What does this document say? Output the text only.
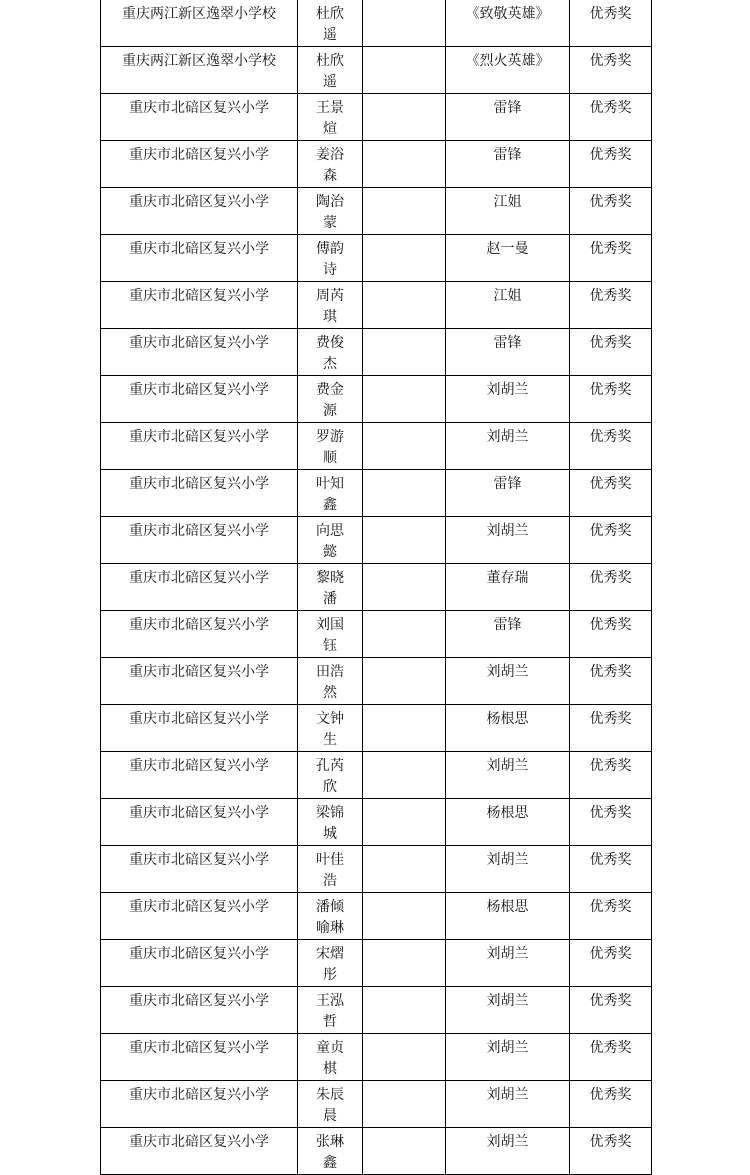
重庆两江新区逸翠小学校	杜欣遥		《致敬英雄》	优秀奖
重庆两江新区逸翠小学校	杜欣遥		《烈火英雄》	优秀奖
重庆市北碚区复兴小学	王景煊		雷锋	优秀奖
重庆市北碚区复兴小学	姜浴森		雷锋	优秀奖
重庆市北碚区复兴小学	陶治蒙		江姐	优秀奖
重庆市北碚区复兴小学	傅韵诗		赵一曼	优秀奖
重庆市北碚区复兴小学	周芮琪		江姐	优秀奖
重庆市北碚区复兴小学	费俊杰		雷锋	优秀奖
重庆市北碚区复兴小学	费金源		刘胡兰	优秀奖
重庆市北碚区复兴小学	罗游顺		刘胡兰	优秀奖
重庆市北碚区复兴小学	叶知鑫		雷锋	优秀奖
重庆市北碚区复兴小学	向思懿		刘胡兰	优秀奖
重庆市北碚区复兴小学	黎晓潘		董存瑞	优秀奖
重庆市北碚区复兴小学	刘国钰		雷锋	优秀奖
重庆市北碚区复兴小学	田浩然		刘胡兰	优秀奖
重庆市北碚区复兴小学	文钟生		杨根思	优秀奖
重庆市北碚区复兴小学	孔芮欣		刘胡兰	优秀奖
重庆市北碚区复兴小学	梁锦城		杨根思	优秀奖
重庆市北碚区复兴小学	叶佳浩		刘胡兰	优秀奖
重庆市北碚区复兴小学	潘倾喻琳		杨根思	优秀奖
重庆市北碚区复兴小学	宋熠彤		刘胡兰	优秀奖
重庆市北碚区复兴小学	王泓哲		刘胡兰	优秀奖
重庆市北碚区复兴小学	童贞棋		刘胡兰	优秀奖
重庆市北碚区复兴小学	朱辰晨		刘胡兰	优秀奖
重庆市北碚区复兴小学	张琳鑫		刘胡兰	优秀奖
